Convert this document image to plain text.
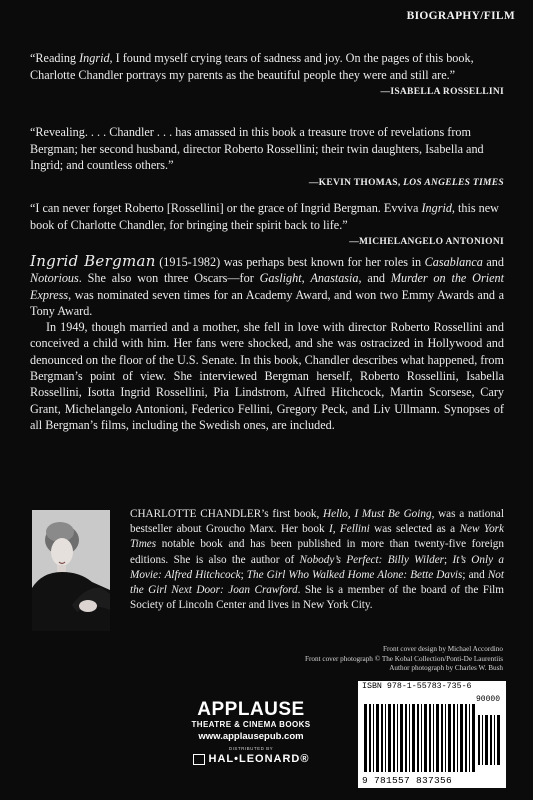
BIOGRAPHY/FILM
“Reading Ingrid, I found myself crying tears of sadness and joy. On the pages of this book, Charlotte Chandler portrays my parents as the beautiful people they were and still are.”
—ISABELLA ROSSELLINI
“Revealing. . . . Chandler . . . has amassed in this book a treasure trove of revelations from Bergman; her second husband, director Roberto Rossellini; their twin daughters, Isabella and Ingrid; and countless others.”
—KEVIN THOMAS, LOS ANGELES TIMES
“I can never forget Roberto [Rossellini] or the grace of Ingrid Bergman. Evviva Ingrid, this new book of Charlotte Chandler, for bringing their spirit back to life.”
—MICHELANGELO ANTONIONI

Ingrid Bergman (1915-1982) was perhaps best known for her roles in Casablanca and Notorious. She also won three Oscars—for Gaslight, Anastasia, and Murder on the Orient Express, was nominated seven times for an Academy Award, and won two Emmy Awards and a Tony Award.

In 1949, though married and a mother, she fell in love with director Roberto Rossellini and conceived a child with him. Her fans were shocked, and she was ostracized in Hollywood and denounced on the floor of the U.S. Senate. In this book, Chandler describes what happened, from Bergman’s point of view. She interviewed Bergman herself, Roberto Rossellini, Isabella Rossellini, Isotta Ingrid Rossellini, Pia Lindstrom, Alfred Hitchcock, Martin Scorsese, Cary Grant, Michelangelo Antonioni, Federico Fellini, Gregory Peck, and Liv Ullmann. Synopses of all Bergman’s films, including the Swedish ones, are included.

CHARLOTTE CHANDLER’s first book, Hello, I Must Be Going, was a national bestseller about Groucho Marx. Her book I, Fellini was selected as a New York Times notable book and has been published in more than twenty-five foreign editions. She is also the author of Nobody’s Perfect: Billy Wilder; It’s Only a Movie: Alfred Hitchcock; The Girl Who Walked Home Alone: Bette Davis; and Not the Girl Next Door: Joan Crawford. She is a member of the board of the Film Society of Lincoln Center and lives in New York City.
Front cover design by Michael Accordino
Front cover photograph © The Kobal Collection/Ponti-De Laurentiis
Author photograph by Charles W. Bush
APPLAUSE
THEATRE & CINEMA BOOKS
www.applausepub.com
DISTRIBUTED BY
HAL•LEONARD®
ISBN 978-1-55783-735-6
90000
9 781557 837356
